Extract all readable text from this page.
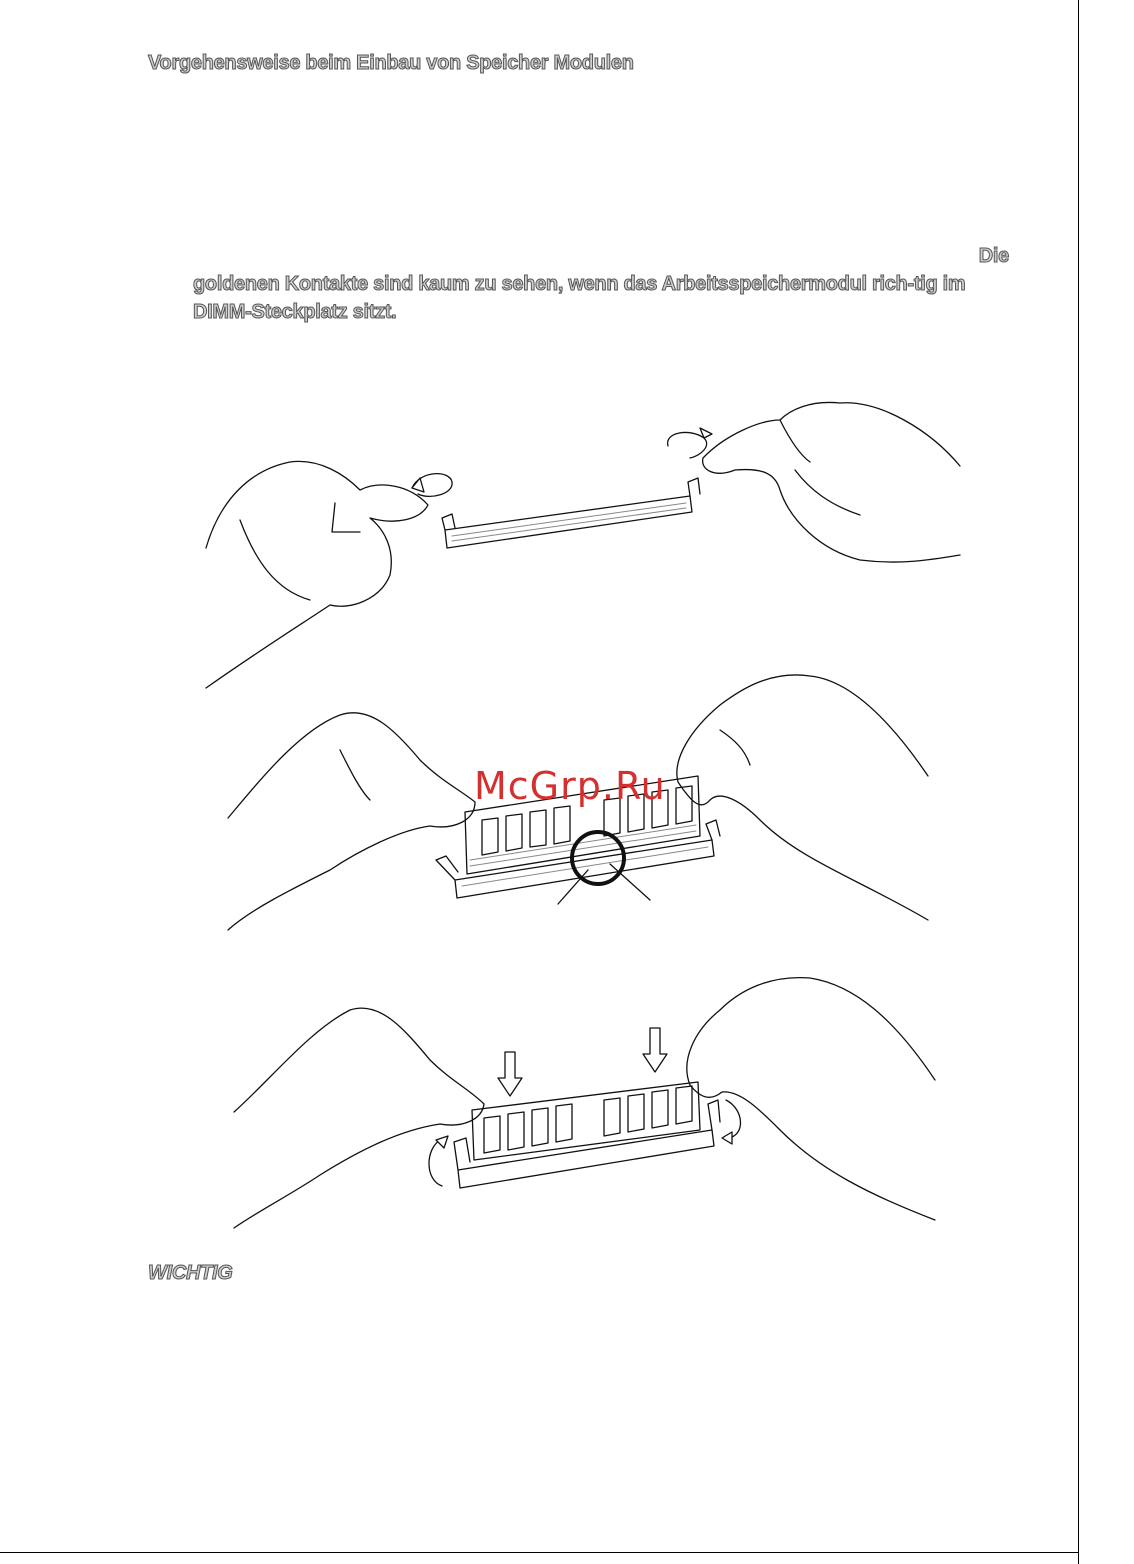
Vorgehensweise beim Einbau von Speicher Modulen
Die
goldenen Kontakte sind kaum zu sehen, wenn das Arbeitsspeichermodul rich-tig im DIMM-Steckplatz sitzt.
McGrp.Ru
WICHTIG
